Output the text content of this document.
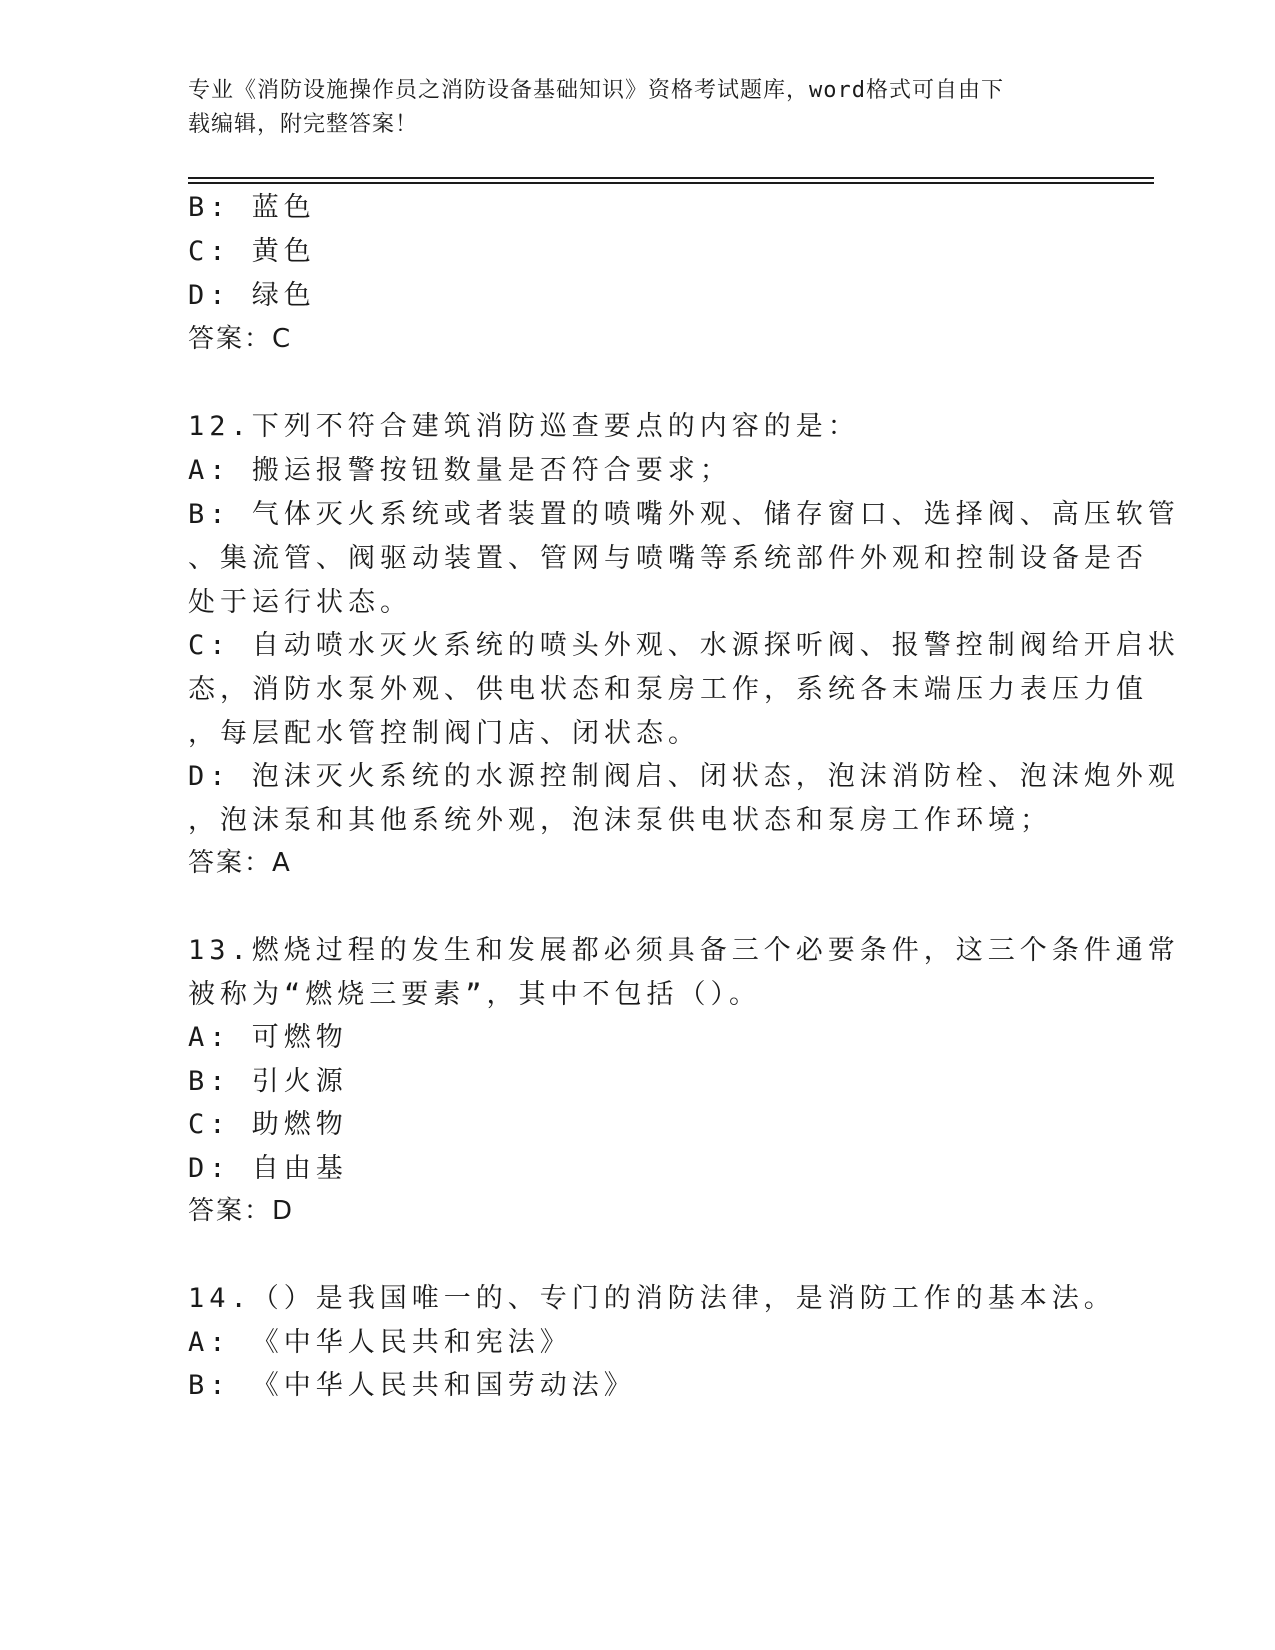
专业《消防设施操作员之消防设备基础知识》资格考试题库，word格式可自由下
载编辑，附完整答案！
B: 蓝色
C: 黄色
D: 绿色
答案：C
12.下列不符合建筑消防巡查要点的内容的是：
A: 搬运报警按钮数量是否符合要求；
B: 气体灭火系统或者装置的喷嘴外观、储存窗口、选择阀、高压软管
、集流管、阀驱动装置、管网与喷嘴等系统部件外观和控制设备是否
处于运行状态。
C: 自动喷水灭火系统的喷头外观、水源探听阀、报警控制阀给开启状
态，消防水泵外观、供电状态和泵房工作，系统各末端压力表压力值
，每层配水管控制阀门店、闭状态。
D: 泡沫灭火系统的水源控制阀启、闭状态，泡沫消防栓、泡沫炮外观
，泡沫泵和其他系统外观，泡沫泵供电状态和泵房工作环境；
答案：A
13.燃烧过程的发生和发展都必须具备三个必要条件，这三个条件通常
被称为“燃烧三要素”，其中不包括（）。
A: 可燃物
B: 引火源
C: 助燃物
D: 自由基
答案：D
14.（）是我国唯一的、专门的消防法律，是消防工作的基本法。
A: 《中华人民共和宪法》
B: 《中华人民共和国劳动法》
